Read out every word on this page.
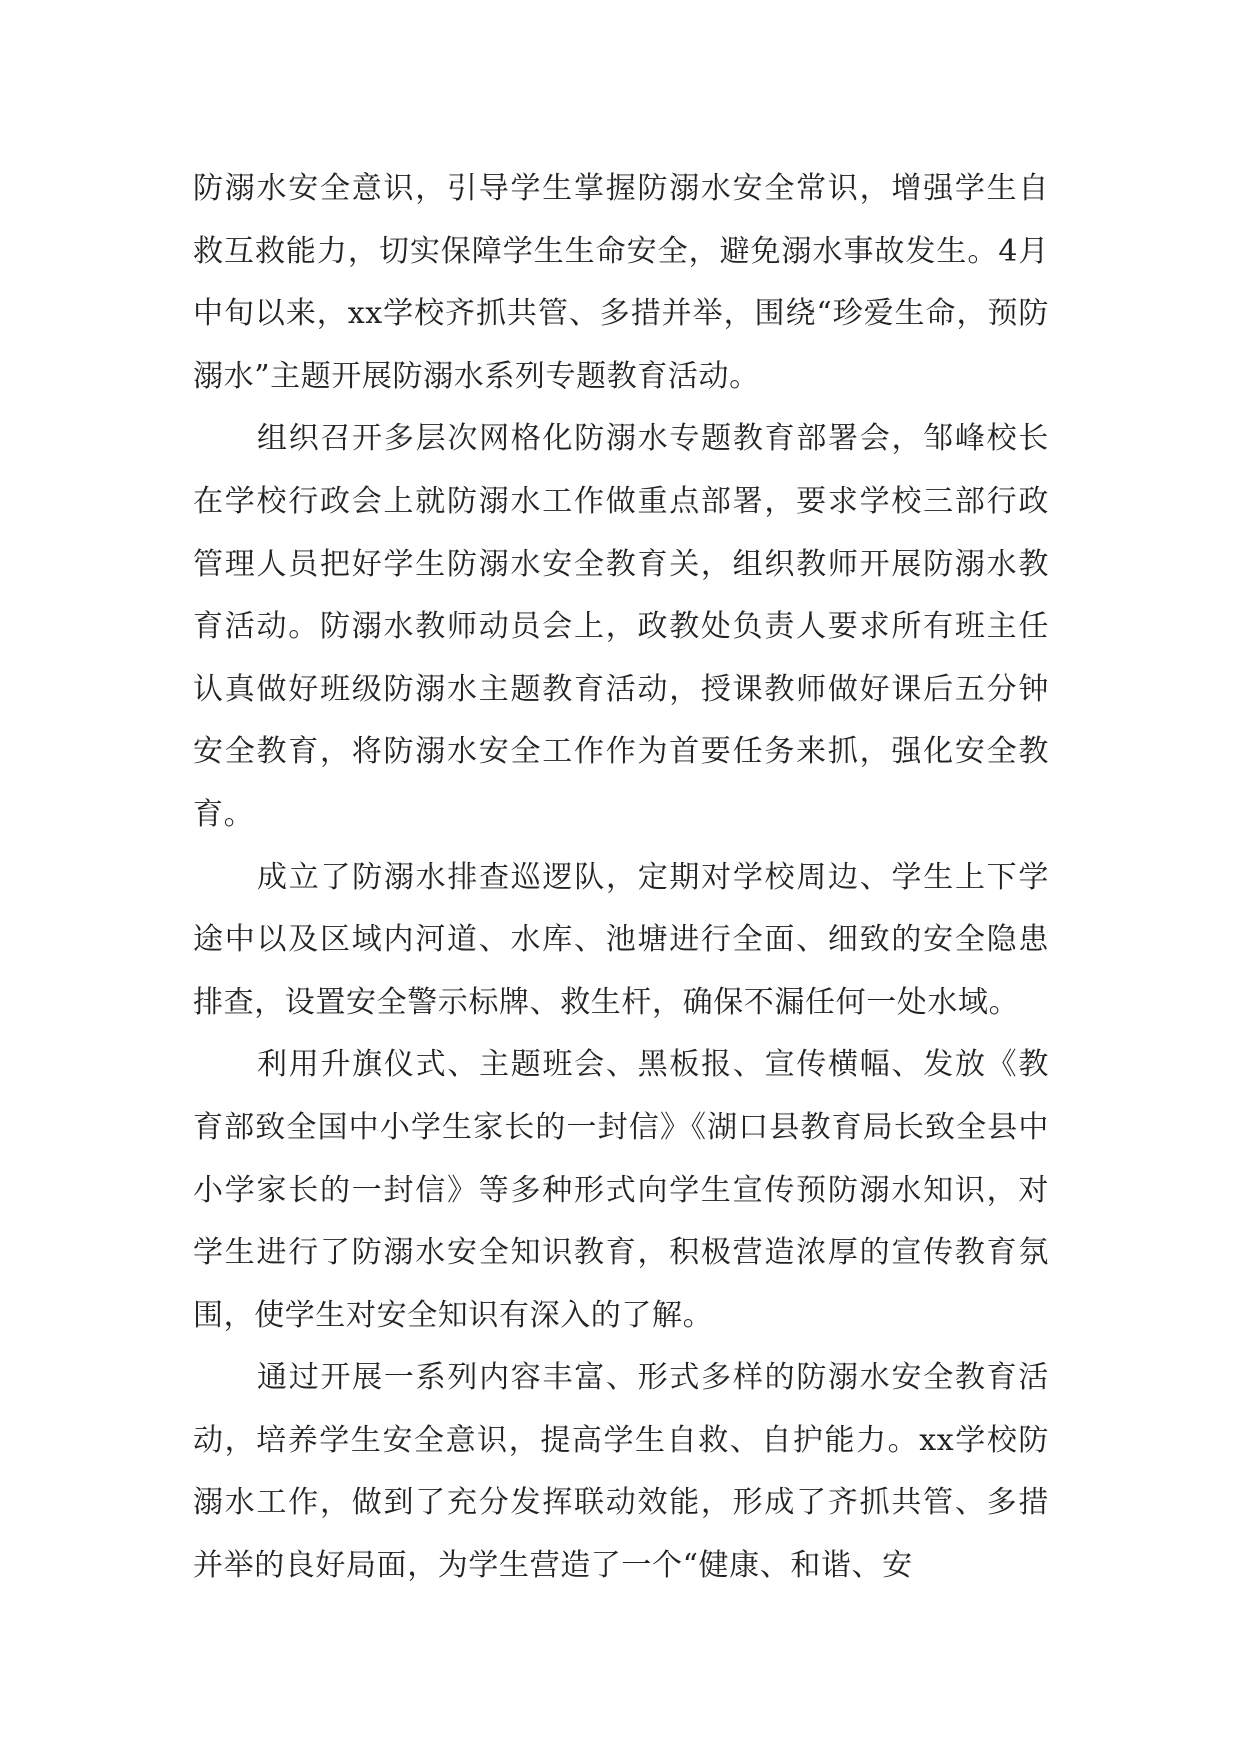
防溺水安全意识，引导学生掌握防溺水安全常识，增强学生自救互救能力，切实保障学生生命安全，避免溺水事故发生。4月中旬以来，xx学校齐抓共管、多措并举，围绕“珍爱生命，预防溺水”主题开展防溺水系列专题教育活动。

组织召开多层次网格化防溺水专题教育部署会，邹峰校长在学校行政会上就防溺水工作做重点部署，要求学校三部行政管理人员把好学生防溺水安全教育关，组织教师开展防溺水教育活动。防溺水教师动员会上，政教处负责人要求所有班主任认真做好班级防溺水主题教育活动，授课教师做好课后五分钟安全教育，将防溺水安全工作作为首要任务来抓，强化安全教育。

成立了防溺水排查巡逻队，定期对学校周边、学生上下学途中以及区域内河道、水库、池塘进行全面、细致的安全隐患排查，设置安全警示标牌、救生杆，确保不漏任何一处水域。

利用升旗仪式、主题班会、黑板报、宣传横幅、发放《教育部致全国中小学生家长的一封信》《湖口县教育局长致全县中小学家长的一封信》等多种形式向学生宣传预防溺水知识，对学生进行了防溺水安全知识教育，积极营造浓厚的宣传教育氛围，使学生对安全知识有深入的了解。

通过开展一系列内容丰富、形式多样的防溺水安全教育活动，培养学生安全意识，提高学生自救、自护能力。xx学校防溺水工作，做到了充分发挥联动效能，形成了齐抓共管、多措并举的良好局面，为学生营造了一个“健康、和谐、安
